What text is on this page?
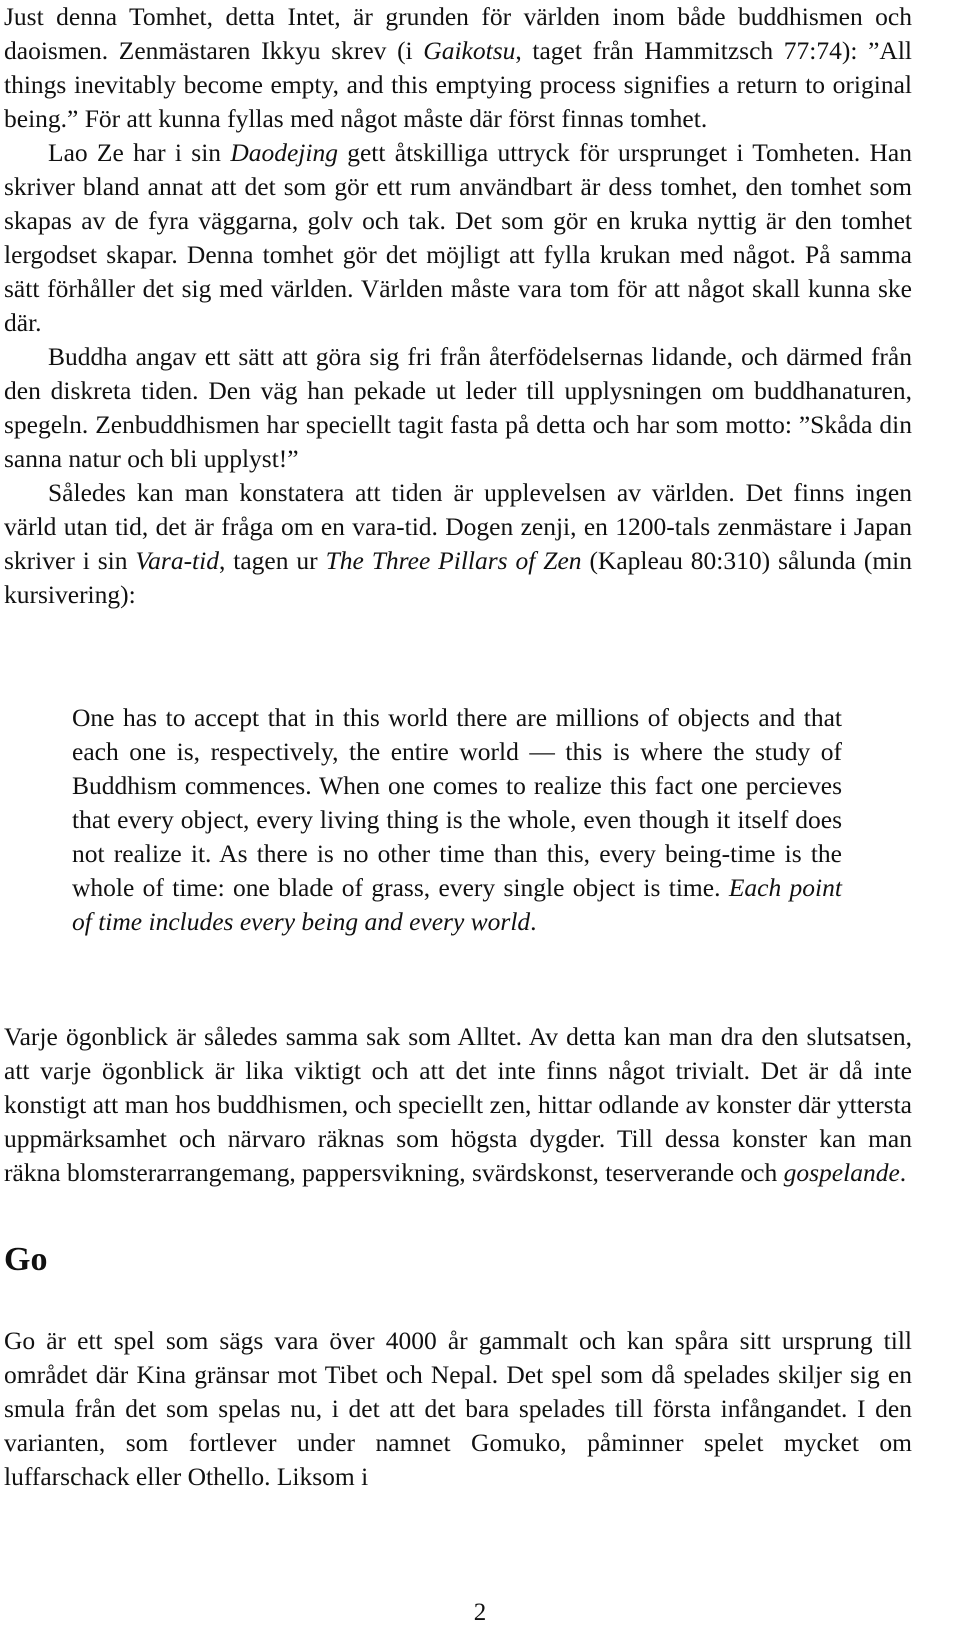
Just denna Tomhet, detta Intet, är grunden för världen inom både buddhismen och daoismen. Zenmästaren Ikkyu skrev (i Gaikotsu, taget från Hammitzsch 77:74): ”All things inevitably become empty, and this emptying process signifies a return to original being.” För att kunna fyllas med något måste där först finnas tomhet.

Lao Ze har i sin Daodejing gett åtskilliga uttryck för ursprunget i Tomheten. Han skriver bland annat att det som gör ett rum användbart är dess tomhet, den tomhet som skapas av de fyra väggarna, golv och tak. Det som gör en kruka nyttig är den tomhet lergodset skapar. Denna tomhet gör det möjligt att fylla krukan med något. På samma sätt förhåller det sig med världen. Världen måste vara tom för att något skall kunna ske där.

Buddha angav ett sätt att göra sig fri från återfödelsernas lidande, och därmed från den diskreta tiden. Den väg han pekade ut leder till upplysningen om buddhanaturen, spegeln. Zenbuddhismen har speciellt tagit fasta på detta och har som motto: ”Skåda din sanna natur och bli upplyst!”

Således kan man konstatera att tiden är upplevelsen av världen. Det finns ingen värld utan tid, det är fråga om en vara-tid. Dogen zenji, en 1200-tals zenmästare i Japan skriver i sin Vara-tid, tagen ur The Three Pillars of Zen (Kapleau 80:310) sålunda (min kursivering):

One has to accept that in this world there are millions of objects and that each one is, respectively, the entire world — this is where the study of Buddhism commences. When one comes to realize this fact one percieves that every object, every living thing is the whole, even though it itself does not realize it. As there is no other time than this, every being-time is the whole of time: one blade of grass, every single object is time. Each point of time includes every being and every world.

Varje ögonblick är således samma sak som Alltet. Av detta kan man dra den slutsatsen, att varje ögonblick är lika viktigt och att det inte finns något trivialt. Det är då inte konstigt att man hos buddhismen, och speciellt zen, hittar odlande av konster där yttersta uppmärksamhet och närvaro räknas som högsta dygder. Till dessa konster kan man räkna blomsterarrangemang, pappersvikning, svärdskonst, teserverande och gospelande.

Go

Go är ett spel som sägs vara över 4000 år gammalt och kan spåra sitt ursprung till området där Kina gränsar mot Tibet och Nepal. Det spel som då spelades skiljer sig en smula från det som spelas nu, i det att det bara spelades till första infångandet. I den varianten, som fortlever under namnet Gomuko, påminner spelet mycket om luffarschack eller Othello. Liksom i

2
